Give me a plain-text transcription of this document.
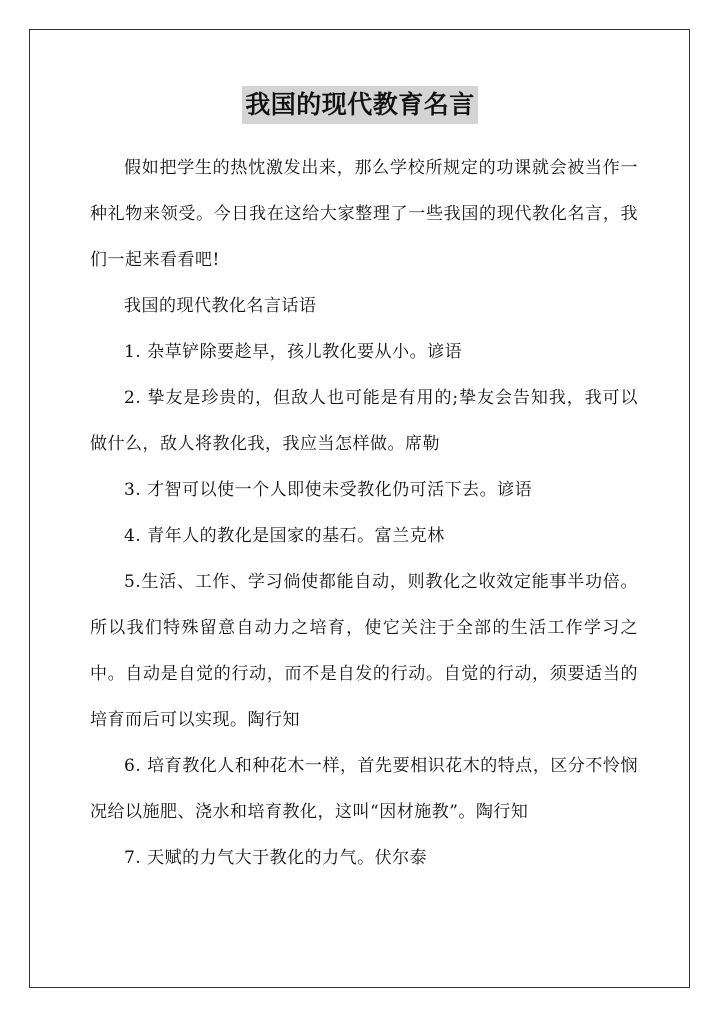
我国的现代教育名言

假如把学生的热忱激发出来，那么学校所规定的功课就会被当作一种礼物来领受。今日我在这给大家整理了一些我国的现代教化名言，我们一起来看看吧!

我国的现代教化名言话语

1. 杂草铲除要趁早，孩儿教化要从小。谚语

2. 挚友是珍贵的，但敌人也可能是有用的;挚友会告知我，我可以做什么，敌人将教化我，我应当怎样做。席勒

3. 才智可以使一个人即使未受教化仍可活下去。谚语

4. 青年人的教化是国家的基石。富兰克林

5.生活、工作、学习倘使都能自动，则教化之收效定能事半功倍。所以我们特殊留意自动力之培育，使它关注于全部的生活工作学习之中。自动是自觉的行动，而不是自发的行动。自觉的行动，须要适当的培育而后可以实现。陶行知

6. 培育教化人和种花木一样，首先要相识花木的特点，区分不怜悯况给以施肥、浇水和培育教化，这叫“因材施教”。陶行知

7. 天赋的力气大于教化的力气。伏尔泰
